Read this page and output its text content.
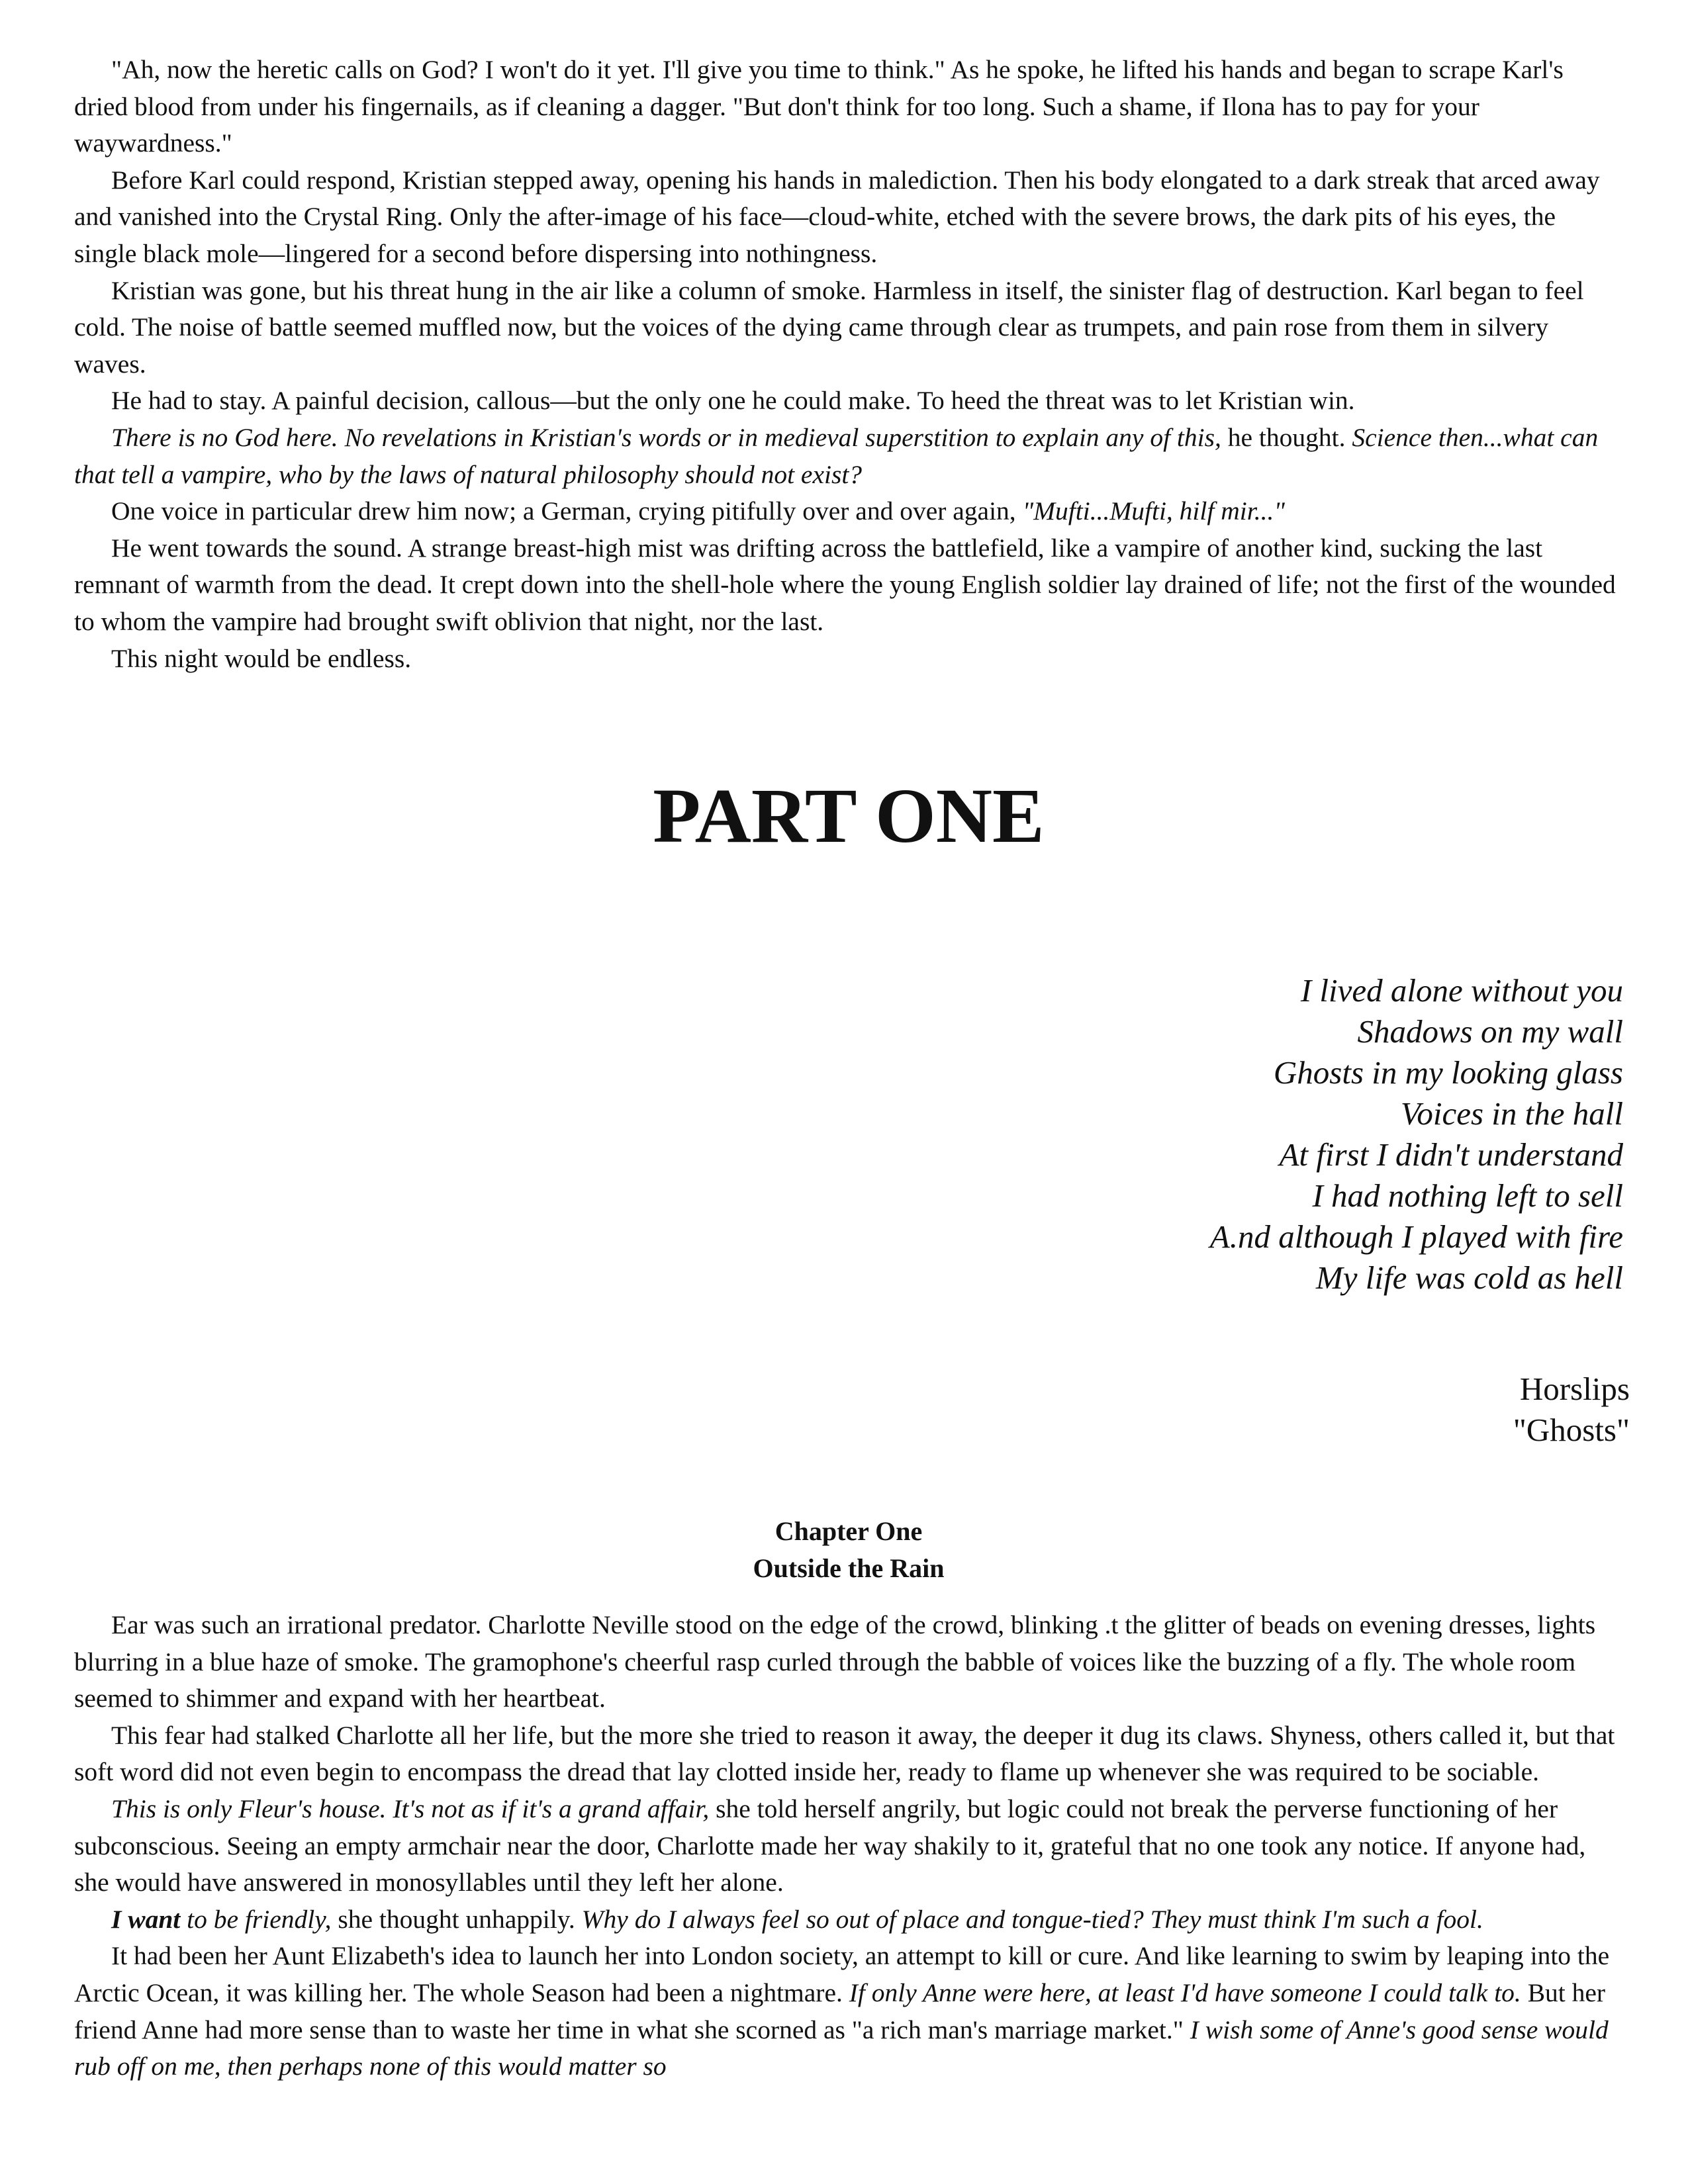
"Ah, now the heretic calls on God? I won't do it yet. I'll give you time to think." As he spoke, he lifted his hands and began to scrape Karl's dried blood from under his fingernails, as if cleaning a dagger. "But don't think for too long. Such a shame, if Ilona has to pay for your waywardness."

Before Karl could respond, Kristian stepped away, opening his hands in malediction. Then his body elongated to a dark streak that arced away and vanished into the Crystal Ring. Only the after-image of his face—cloud-white, etched with the severe brows, the dark pits of his eyes, the single black mole—lingered for a second before dispersing into nothingness.

Kristian was gone, but his threat hung in the air like a column of smoke. Harmless in itself, the sinister flag of destruction. Karl began to feel cold. The noise of battle seemed muffled now, but the voices of the dying came through clear as trumpets, and pain rose from them in silvery waves.

He had to stay. A painful decision, callous—but the only one he could make. To heed the threat was to let Kristian win.

There is no God here. No revelations in Kristian's words or in medieval superstition to explain any of this, he thought. Science then...what can that tell a vampire, who by the laws of natural philosophy should not exist?

One voice in particular drew him now; a German, crying pitifully over and over again, "Mufti...Mufti, hilf mir..."

He went towards the sound. A strange breast-high mist was drifting across the battlefield, like a vampire of another kind, sucking the last remnant of warmth from the dead. It crept down into the shell-hole where the young English soldier lay drained of life; not the first of the wounded to whom the vampire had brought swift oblivion that night, nor the last.

This night would be endless.

PART ONE
I lived alone without you
Shadows on my wall
Ghosts in my looking glass
Voices in the hall
At first I didn't understand
I had nothing left to sell
A.nd although I played with fire
My life was cold as hell
Horslips
"Ghosts"
Chapter One
Outside the Rain

Ear was such an irrational predator. Charlotte Neville stood on the edge of the crowd, blinking .t the glitter of beads on evening dresses, lights blurring in a blue haze of smoke. The gramophone's cheerful rasp curled through the babble of voices like the buzzing of a fly. The whole room seemed to shimmer and expand with her heartbeat.

This fear had stalked Charlotte all her life, but the more she tried to reason it away, the deeper it dug its claws. Shyness, others called it, but that soft word did not even begin to encompass the dread that lay clotted inside her, ready to flame up whenever she was required to be sociable.

This is only Fleur's house. It's not as if it's a grand affair, she told herself angrily, but logic could not break the perverse functioning of her subconscious. Seeing an empty armchair near the door, Charlotte made her way shakily to it, grateful that no one took any notice. If anyone had, she would have answered in monosyllables until they left her alone.

I want to be friendly, she thought unhappily. Why do I always feel so out of place and tongue-tied? They must think I'm such a fool.

It had been her Aunt Elizabeth's idea to launch her into London society, an attempt to kill or cure. And like learning to swim by leaping into the Arctic Ocean, it was killing her. The whole Season had been a nightmare. If only Anne were here, at least I'd have someone I could talk to. But her friend Anne had more sense than to waste her time in what she scorned as "a rich man's marriage market." I wish some of Anne's good sense would rub off on me, then perhaps none of this would matter so
